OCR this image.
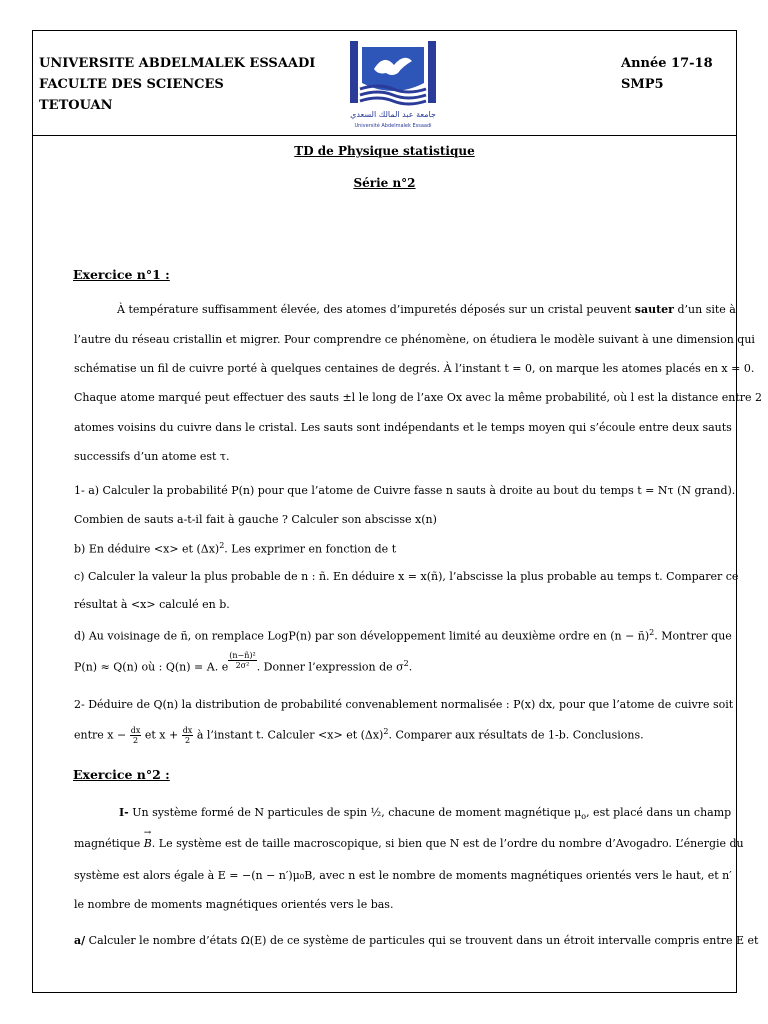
UNIVERSITE ABDELMALEK ESSAADI
FACULTE DES SCIENCES
TETOUAN
جامعة عبد المالك السعدي
Université Abdelmalek Essaadi
Année 17-18
SMP5
TD de Physique statistique
Série n°2
Exercice n°1 :
À température suffisamment élevée, des atomes d’impuretés déposés sur un cristal peuvent sauter d’un site à
l’autre du réseau cristallin et migrer. Pour comprendre ce phénomène, on étudiera le modèle suivant à une dimension qui
schématise un fil de cuivre porté à quelques centaines de degrés. À l’instant t = 0, on marque les atomes placés en x = 0.
Chaque atome marqué peut effectuer des sauts ±l le long de l’axe Ox avec la même probabilité, où l est la distance entre 2
atomes voisins du cuivre dans le cristal. Les sauts sont indépendants et le temps moyen qui s’écoule entre deux sauts
successifs d’un atome est τ.
1- a) Calculer la probabilité P(n) pour que l’atome de Cuivre fasse n sauts à droite au bout du temps t = Nτ (N grand).
Combien de sauts a-t-il fait à gauche ? Calculer son abscisse x(n)
b) En déduire <x> et $(\Delta x)^2$. Les exprimer en fonction de t
c) Calculer la valeur la plus probable de n : ñ. En déduire x = x(ñ), l’abscisse la plus probable au temps t. Comparer ce
résultat à <x> calculé en b.
d) Au voisinage de ñ, on remplace LogP(n) par son développement limité au deuxième ordre en (n − ñ)$^2$. Montrer que
P(n) ≈ Q(n) où : Q(n) = A. e $\frac{\text{(n−ñ)²}}{\text{2σ²}}$ . Donner l’expression de $\sigma^2$.
2- Déduire de Q(n) la distribution de probabilité convenablement normalisée : P(x) dx, pour que l’atome de cuivre soit
entre $x - \frac{dx}{2}$ et $x + \frac{dx}{2}$ à l’instant t. Calculer <x> et $(\Delta x)^2$. Comparer aux résultats de 1-b. Conclusions.
Exercice n°2 :
I- Un système formé de N particules de spin ½, chacune de moment magnétique $\mu_o$, est placé dans un champ
magnétique
→
B. Le système est de taille macroscopique, si bien que N est de l’ordre du nombre d’Avogadro. L’énergie du
système est alors égale à E = −(n − n′)μ₀B, avec n est le nombre de moments magnétiques orientés vers le haut, et n′
le nombre de moments magnétiques orientés vers le bas.
a/ Calculer le nombre d’états Ω(E) de ce système de particules qui se trouvent dans un étroit intervalle compris entre E et
